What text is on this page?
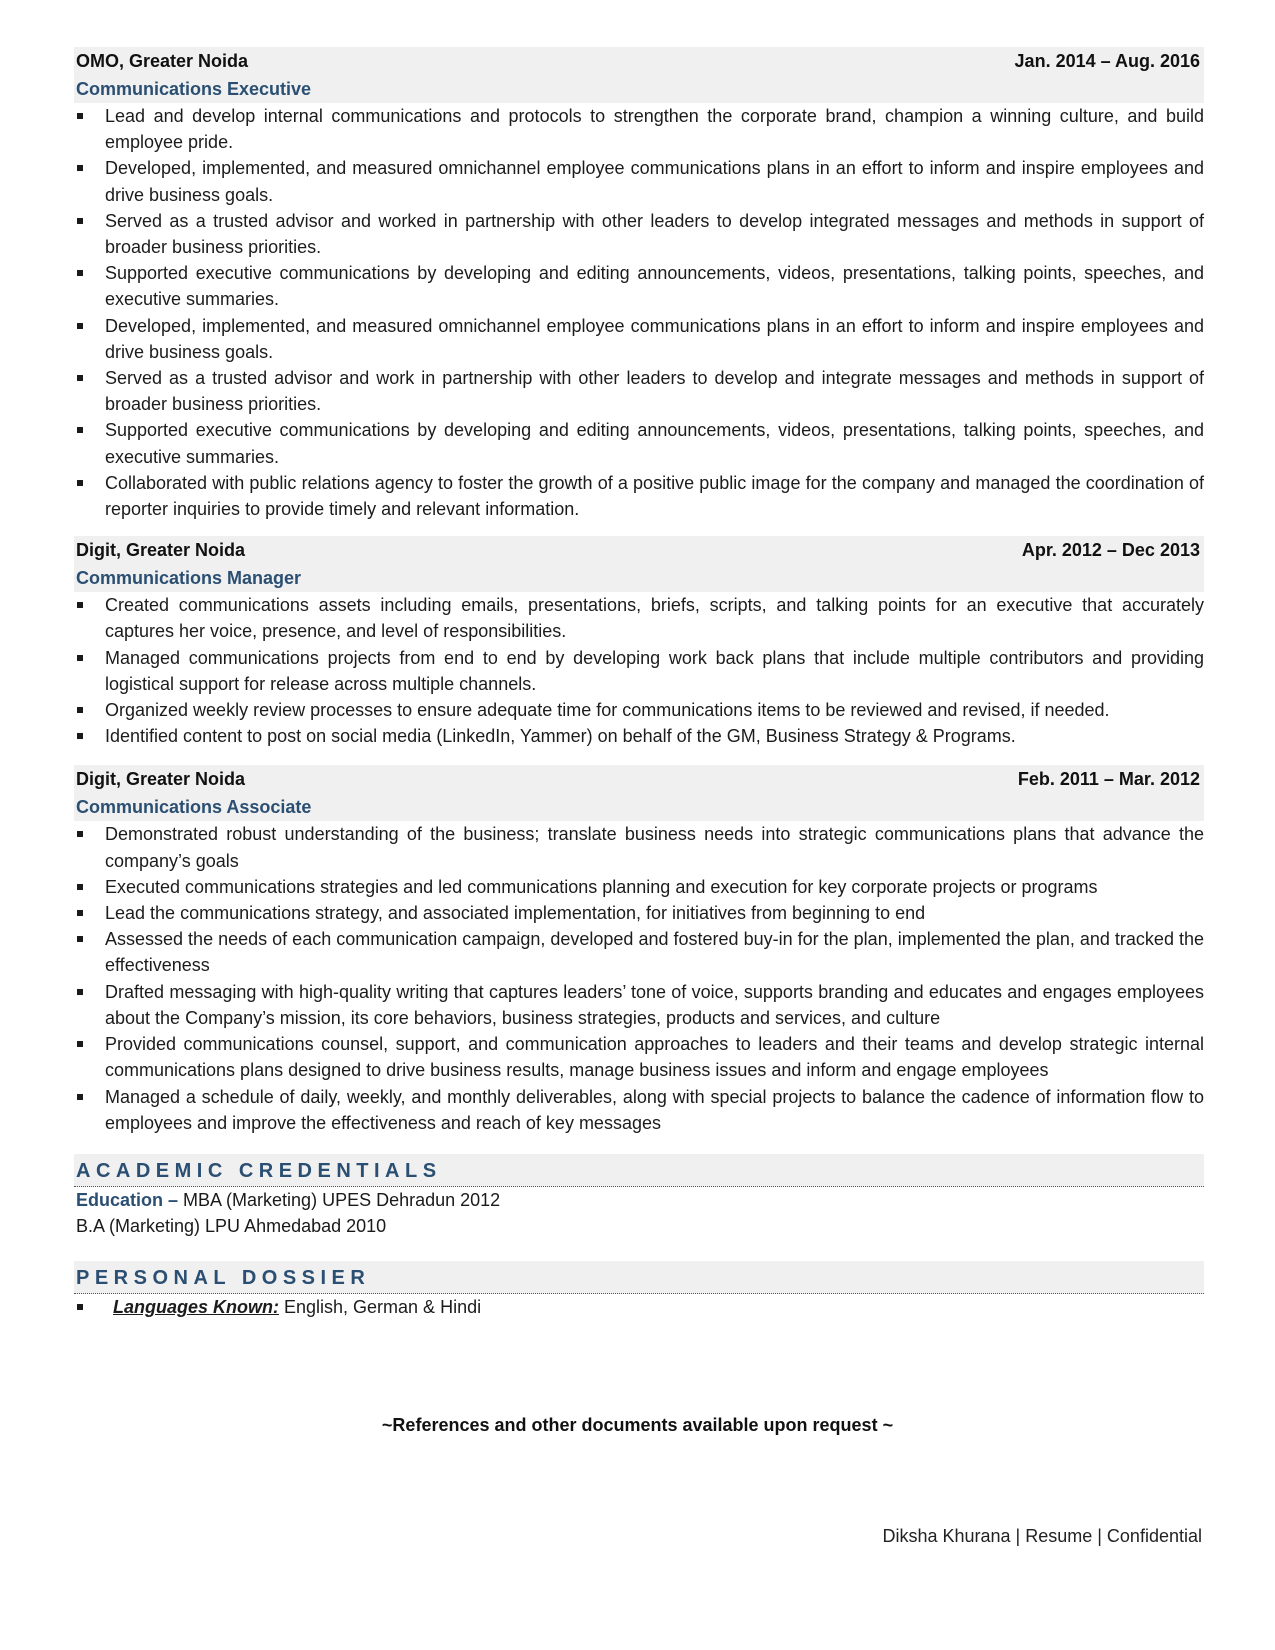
OMO, Greater Noida	Jan. 2014 – Aug. 2016
Communications Executive
Lead and develop internal communications and protocols to strengthen the corporate brand, champion a winning culture, and build employee pride.
Developed, implemented, and measured omnichannel employee communications plans in an effort to inform and inspire employees and drive business goals.
Served as a trusted advisor and worked in partnership with other leaders to develop integrated messages and methods in support of broader business priorities.
Supported executive communications by developing and editing announcements, videos, presentations, talking points, speeches, and executive summaries.
Developed, implemented, and measured omnichannel employee communications plans in an effort to inform and inspire employees and drive business goals.
Served as a trusted advisor and work in partnership with other leaders to develop and integrate messages and methods in support of broader business priorities.
Supported executive communications by developing and editing announcements, videos, presentations, talking points, speeches, and executive summaries.
Collaborated with public relations agency to foster the growth of a positive public image for the company and managed the coordination of reporter inquiries to provide timely and relevant information.
Digit, Greater Noida	Apr. 2012 – Dec 2013
Communications Manager
Created communications assets including emails, presentations, briefs, scripts, and talking points for an executive that accurately captures her voice, presence, and level of responsibilities.
Managed communications projects from end to end by developing work back plans that include multiple contributors and providing logistical support for release across multiple channels.
Organized weekly review processes to ensure adequate time for communications items to be reviewed and revised, if needed.
Identified content to post on social media (LinkedIn, Yammer) on behalf of the GM, Business Strategy & Programs.
Digit, Greater Noida	Feb. 2011 – Mar. 2012
Communications Associate
Demonstrated robust understanding of the business; translate business needs into strategic communications plans that advance the company’s goals
Executed communications strategies and led communications planning and execution for key corporate projects or programs
Lead the communications strategy, and associated implementation, for initiatives from beginning to end
Assessed the needs of each communication campaign, developed and fostered buy-in for the plan, implemented the plan, and tracked the effectiveness
Drafted messaging with high-quality writing that captures leaders’ tone of voice, supports branding and educates and engages employees about the Company’s mission, its core behaviors, business strategies, products and services, and culture
Provided communications counsel, support, and communication approaches to leaders and their teams and develop strategic internal communications plans designed to drive business results, manage business issues and inform and engage employees
Managed a schedule of daily, weekly, and monthly deliverables, along with special projects to balance the cadence of information flow to employees and improve the effectiveness and reach of key messages
ACADEMIC CREDENTIALS
Education – MBA (Marketing) UPES Dehradun 2012
B.A (Marketing) LPU Ahmedabad 2010
PERSONAL DOSSIER
Languages Known: English, German & Hindi
~References and other documents available upon request ~
Diksha Khurana | Resume | Confidential
